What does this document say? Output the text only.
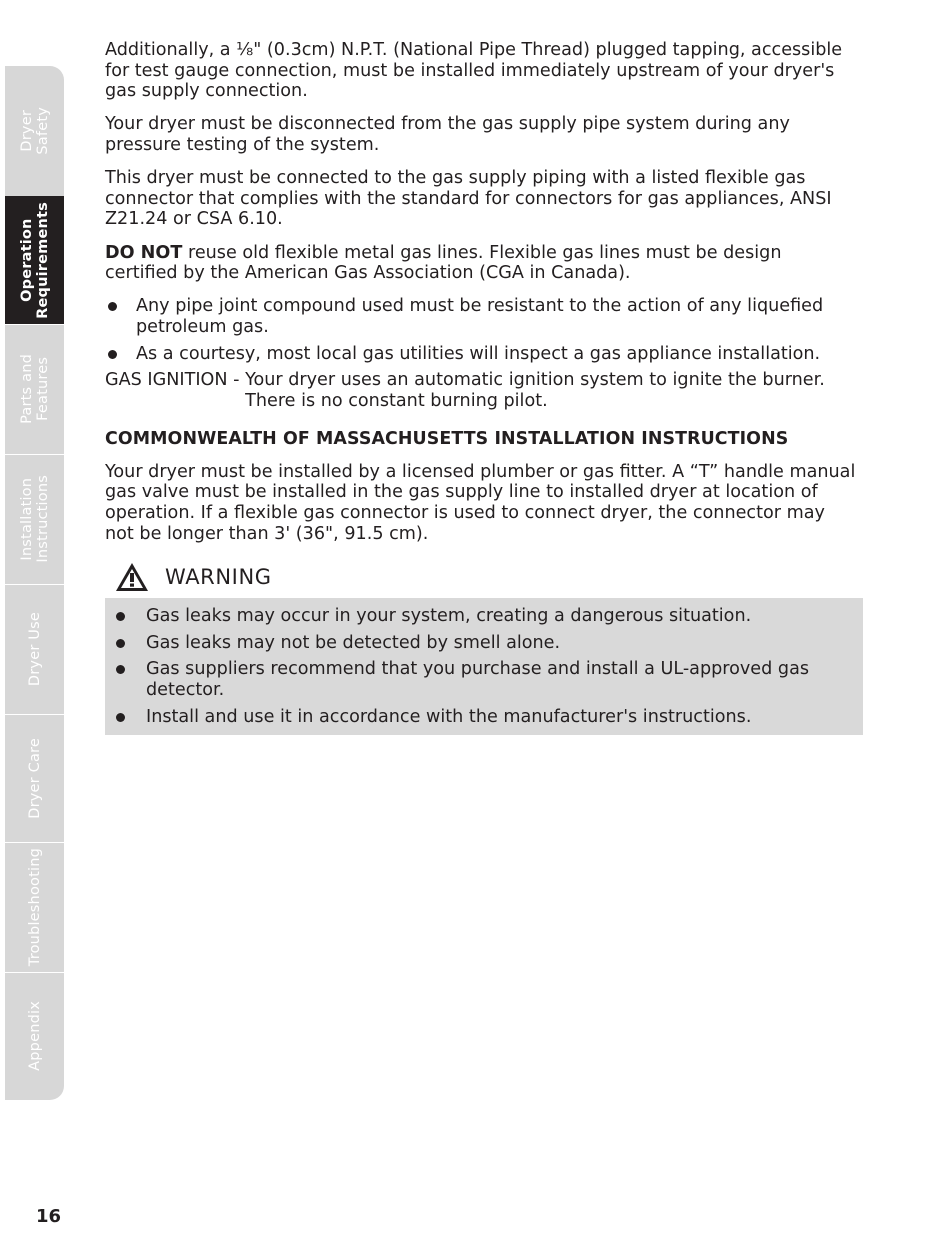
Dryer
Safety
Operation
Requirements
Parts and
Features
Installation
Instructions
Dryer Use
Dryer Care
Troubleshooting
Appendix

Additionally, a ⅛" (0.3cm) N.P.T. (National Pipe Thread) plugged tapping, accessible for test gauge connection, must be installed immediately upstream of your dryer's gas supply connection.

Your dryer must be disconnected from the gas supply pipe system during any pressure testing of the system.

This dryer must be connected to the gas supply piping with a listed flexible gas connector that complies with the standard for connectors for gas appliances, ANSI Z21.24 or CSA 6.10.

DO NOT reuse old flexible metal gas lines. Flexible gas lines must be design certified by the American Gas Association (CGA in Canada).

Any pipe joint compound used must be resistant to the action of any liquefied petroleum gas.
As a courtesy, most local gas utilities will inspect a gas appliance installation.
GAS IGNITION - Your dryer uses an automatic ignition system to ignite the burner. There is no constant burning pilot.
COMMONWEALTH OF MASSACHUSETTS INSTALLATION INSTRUCTIONS

Your dryer must be installed by a licensed plumber or gas fitter. A “T” handle manual gas valve must be installed in the gas supply line to installed dryer at location of operation. If a flexible gas connector is used to connect dryer, the connector may not be longer than 3' (36", 91.5 cm).

WARNING
Gas leaks may occur in your system, creating a dangerous situation.
Gas leaks may not be detected by smell alone.
Gas suppliers recommend that you purchase and install a UL-approved gas detector.
Install and use it in accordance with the manufacturer's instructions.
16
